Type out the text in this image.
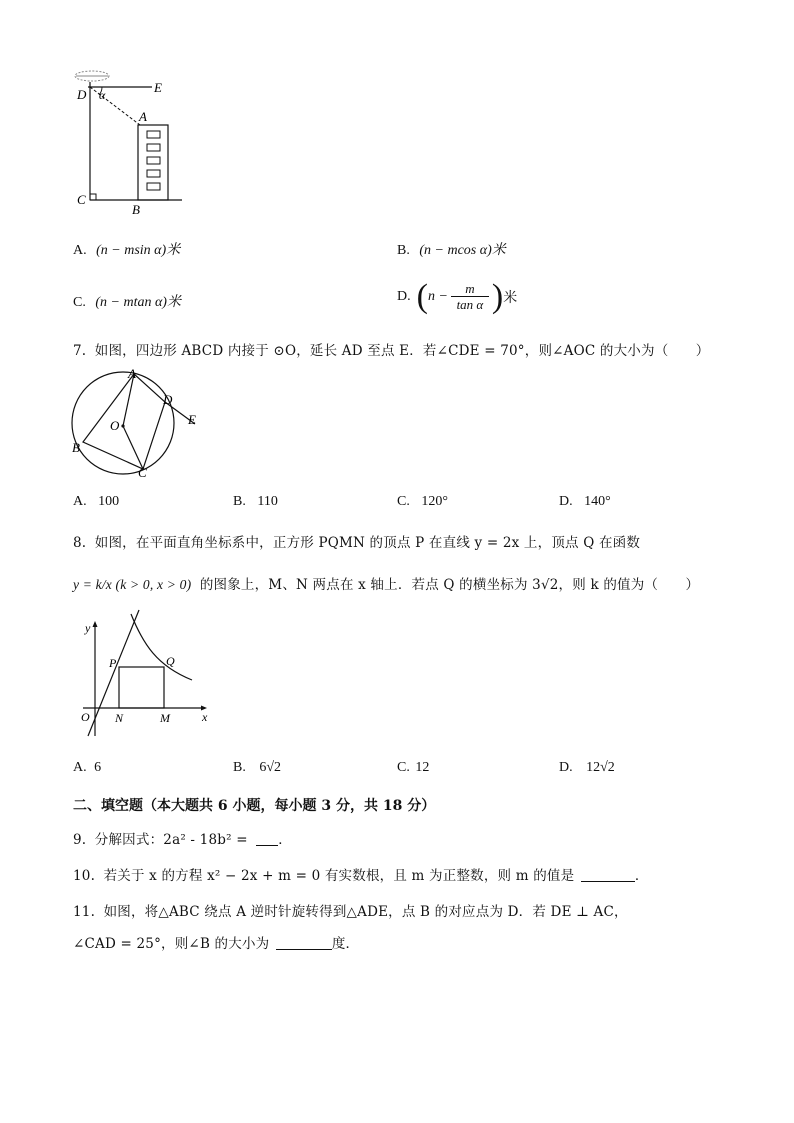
D α	E
A
C
B
A. (n − msin α)米	B. (n − mcos α)米
C. (n − mtan α)米	D. ( n −
m
tan α ) 米
7. 如图，四边形 ABCD 内接于 ⊙O，延长 AD 至点 E．若∠CDE = 70°，则∠AOC 的大小为（　　）
A
D
E
O
B
C
A. 100	B. 110	C. 120°	D. 140°
8. 如图，在平面直角坐标系中，正方形 PQMN 的顶点 P 在直线 y = 2x 上，顶点 Q 在函数
y = k/x (k > 0, x > 0) 的图象上，M、N 两点在 x 轴上．若点 Q 的横坐标为 3√2，则 k 的值为（　　）
y
P	Q
O N	M	x
A. 6	B. 6√2	C. 12	D. 12√2
二、填空题（本大题共 6 小题，每小题 3 分，共 18 分）
9. 分解因式：2a² - 18b² = ．
10. 若关于 x 的方程 x² − 2x + m = 0 有实数根，且 m 为正整数，则 m 的值是	．
11. 如图，将△ABC 绕点 A 逆时针旋转得到△ADE，点 B 的对应点为 D．若 DE ⊥ AC，
∠CAD = 25°，则∠B 的大小为	度．
